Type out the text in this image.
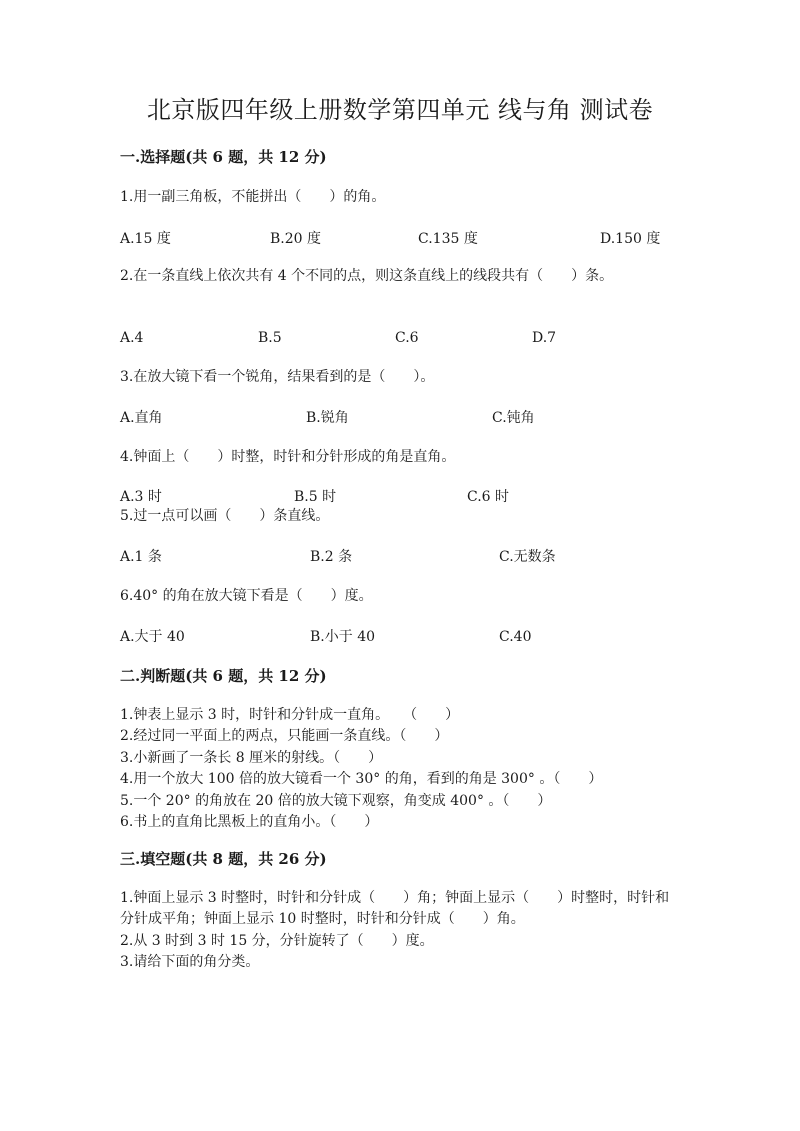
北京版四年级上册数学第四单元 线与角 测试卷
一.选择题(共 6 题，共 12 分)
1.用一副三角板，不能拼出（　　）的角。
A.15 度	B.20 度	C.135 度	D.150 度
2.在一条直线上依次共有 4 个不同的点，则这条直线上的线段共有（　　）条。
A.4	B.5	C.6	D.7
3.在放大镜下看一个锐角，结果看到的是（　　）。
A.直角	B.锐角	C.钝角
4.钟面上（　　）时整，时针和分针形成的角是直角。
A.3 时	B.5 时	C.6 时
5.过一点可以画（　　）条直线。
A.1 条	B.2 条	C.无数条
6.40° 的角在放大镜下看是（　　）度。
A.大于 40	B.小于 40	C.40
二.判断题(共 6 题，共 12 分)
1.钟表上显示 3 时，时针和分针成一直角。　　（　　）
2.经过同一平面上的两点，只能画一条直线。（　　）
3.小新画了一条长 8 厘米的射线。（　　）
4.用一个放大 100 倍的放大镜看一个 30° 的角，看到的角是 300° 。（　　）
5.一个 20° 的角放在 20 倍的放大镜下观察，角变成 400° 。（　　）
6.书上的直角比黑板上的直角小。（　　）
三.填空题(共 8 题，共 26 分)
1.钟面上显示 3 时整时，时针和分针成（　　）角；钟面上显示（　　）时整时，时针和分针成平角；钟面上显示 10 时整时，时针和分针成（　　）角。
2.从 3 时到 3 时 15 分，分针旋转了（　　）度。
3.请给下面的角分类。
